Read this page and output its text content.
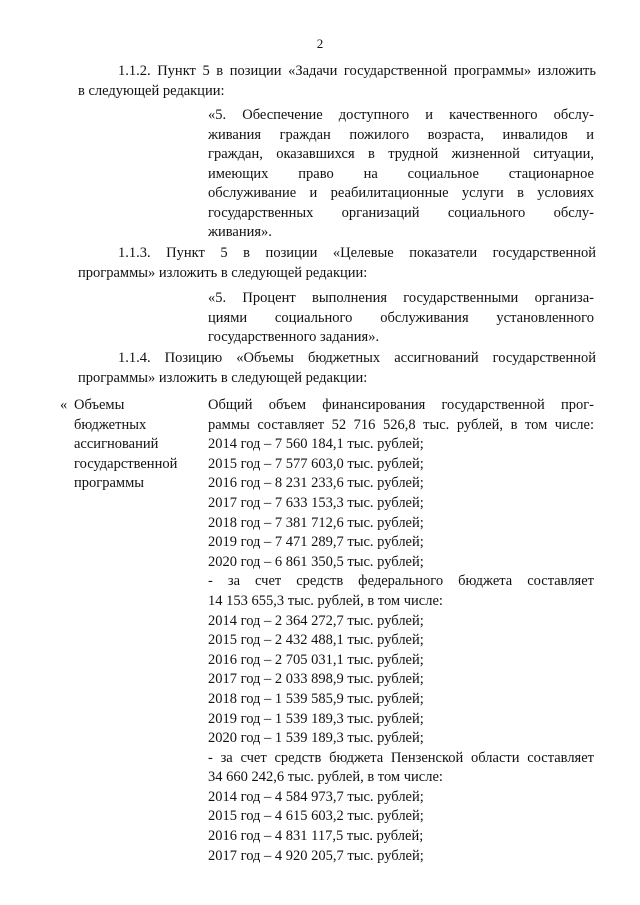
2
1.1.2. Пункт 5 в позиции «Задачи государственной программы» изложить
в следующей редакции:
«5. Обеспечение доступного и качественного обслу-
живания граждан пожилого возраста, инвалидов и
граждан, оказавшихся в трудной жизненной ситуации,
имеющих право на социальное стационарное
обслуживание и реабилитационные услуги в условиях
государственных организаций социального обслу-
живания».
1.1.3. Пункт 5 в позиции «Целевые показатели государственной
программы» изложить в следующей редакции:
«5. Процент выполнения государственными организа-
циями социального обслуживания установленного
государственного задания».
1.1.4. Позицию «Объемы бюджетных ассигнований государственной
программы» изложить в следующей редакции:
« Объемы
бюджетных
ассигнований
государственной
программы
Общий объем финансирования государственной прог-
раммы составляет 52 716 526,8 тыс. рублей, в том числе:
2014 год – 7 560 184,1 тыс. рублей;
2015 год – 7 577 603,0 тыс. рублей;
2016 год – 8 231 233,6 тыс. рублей;
2017 год – 7 633 153,3 тыс. рублей;
2018 год – 7 381 712,6 тыс. рублей;
2019 год – 7 471 289,7 тыс. рублей;
2020 год – 6 861 350,5 тыс. рублей;
- за счет средств федерального бюджета составляет
14 153 655,3 тыс. рублей, в том числе:
2014 год – 2 364 272,7 тыс. рублей;
2015 год – 2 432 488,1 тыс. рублей;
2016 год – 2 705 031,1 тыс. рублей;
2017 год – 2 033 898,9 тыс. рублей;
2018 год – 1 539 585,9 тыс. рублей;
2019 год – 1 539 189,3 тыс. рублей;
2020 год – 1 539 189,3 тыс. рублей;
- за счет средств бюджета Пензенской области составляет
34 660 242,6 тыс. рублей, в том числе:
2014 год – 4 584 973,7 тыс. рублей;
2015 год – 4 615 603,2 тыс. рублей;
2016 год – 4 831 117,5 тыс. рублей;
2017 год – 4 920 205,7 тыс. рублей;
